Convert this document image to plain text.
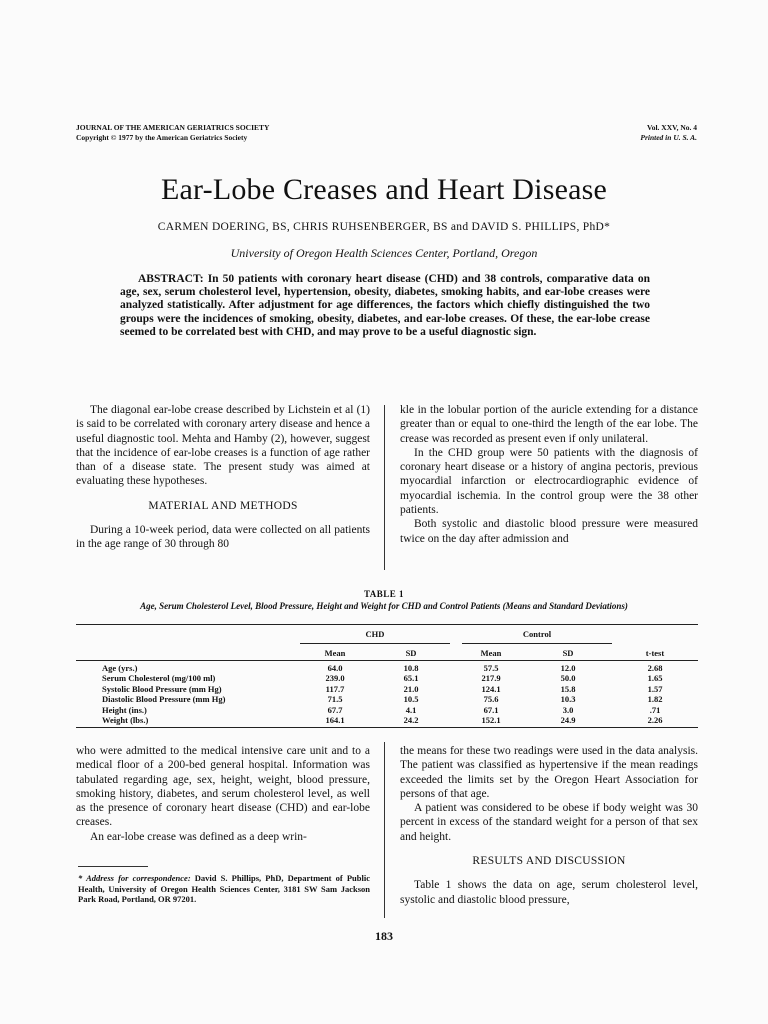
JOURNAL OF THE AMERICAN GERIATRICS SOCIETY
Copyright © 1977 by the American Geriatrics Society
Vol. XXV, No. 4
Printed in U. S. A.
Ear-Lobe Creases and Heart Disease
CARMEN DOERING, BS, CHRIS RUHSENBERGER, BS and DAVID S. PHILLIPS, PhD*
University of Oregon Health Sciences Center, Portland, Oregon
ABSTRACT: In 50 patients with coronary heart disease (CHD) and 38 controls, comparative data on age, sex, serum cholesterol level, hypertension, obesity, diabetes, smoking habits, and ear-lobe creases were analyzed statistically. After adjustment for age differences, the factors which chiefly distinguished the two groups were the incidences of smoking, obesity, diabetes, and ear-lobe creases. Of these, the ear-lobe crease seemed to be correlated best with CHD, and may prove to be a useful diagnostic sign.

The diagonal ear-lobe crease described by Lichstein et al (1) is said to be correlated with coronary artery disease and hence a useful diagnostic tool. Mehta and Hamby (2), however, suggest that the incidence of ear-lobe creases is a function of age rather than of a disease state. The present study was aimed at evaluating these hypotheses.

MATERIAL AND METHODS

During a 10-week period, data were collected on all patients in the age range of 30 through 80

kle in the lobular portion of the auricle extending for a distance greater than or equal to one-third the length of the ear lobe. The crease was recorded as present even if only unilateral.

In the CHD group were 50 patients with the diagnosis of coronary heart disease or a history of angina pectoris, previous myocardial infarction or electrocardiographic evidence of myocardial ischemia. In the control group were the 38 other patients.

Both systolic and diastolic blood pressure were measured twice on the day after admission and

TABLE 1
Age, Serum Cholesterol Level, Blood Pressure, Height and Weight for CHD and Control Patients (Means and Standard Deviations)
CHD	Control
Mean	SD	Mean	SD	t-test
Age (yrs.)	64.0	10.8	57.5	12.0	2.68
Serum Cholesterol (mg/100 ml)	239.0	65.1	217.9	50.0	1.65
Systolic Blood Pressure (mm Hg)	117.7	21.0	124.1	15.8	1.57
Diastolic Blood Pressure (mm Hg)	71.5	10.5	75.6	10.3	1.82
Height (ins.)	67.7	4.1	67.1	3.0	.71
Weight (lbs.)	164.1	24.2	152.1	24.9	2.26

who were admitted to the medical intensive care unit and to a medical floor of a 200-bed general hospital. Information was tabulated regarding age, sex, height, weight, blood pressure, smoking history, diabetes, and serum cholesterol level, as well as the presence of coronary heart disease (CHD) and ear-lobe creases.

An ear-lobe crease was defined as a deep wrin-

* Address for correspondence: David S. Phillips, PhD, Department of Public Health, University of Oregon Health Sciences Center, 3181 SW Sam Jackson Park Road, Portland, OR 97201.

the means for these two readings were used in the data analysis. The patient was classified as hypertensive if the mean readings exceeded the limits set by the Oregon Heart Association for persons of that age.

A patient was considered to be obese if body weight was 30 percent in excess of the standard weight for a person of that sex and height.

RESULTS AND DISCUSSION

Table 1 shows the data on age, serum cholesterol level, systolic and diastolic blood pressure,

183
